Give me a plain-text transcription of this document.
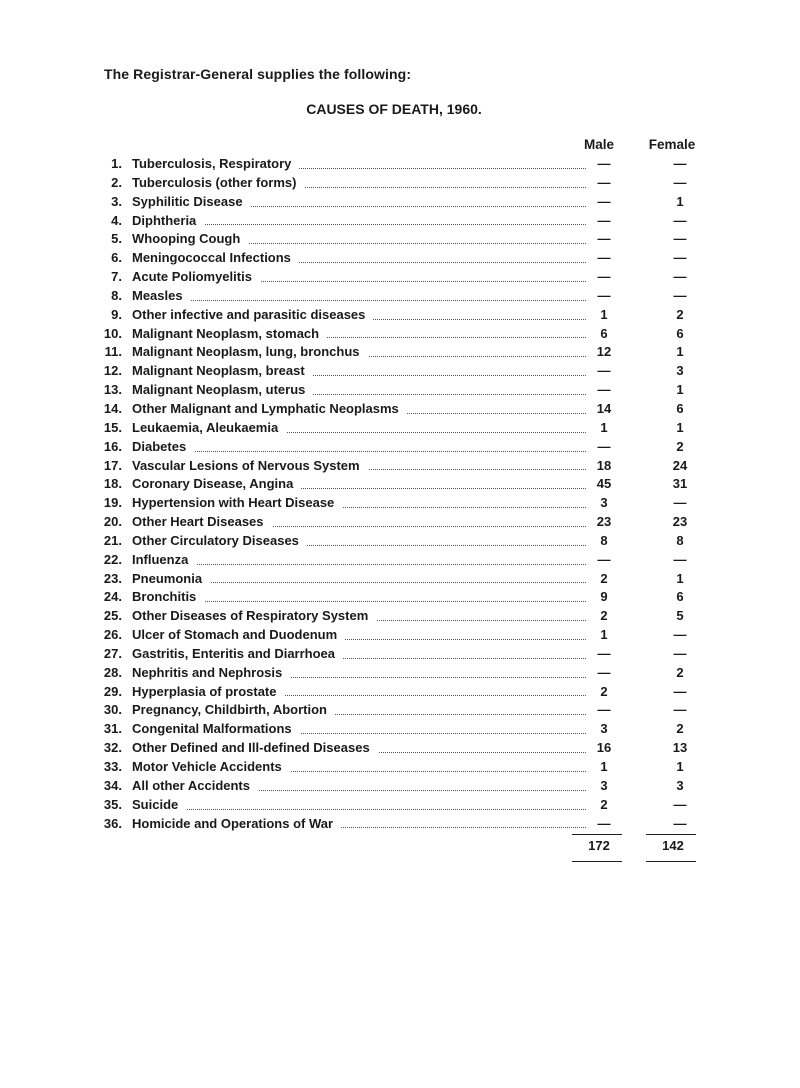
The Registrar-General supplies the following:
CAUSES OF DEATH, 1960.
Male	Female
1. Tuberculosis, Respiratory	—	—
2. Tuberculosis (other forms)	—	—
3. Syphilitic Disease	—	1
4. Diphtheria	—	—
5. Whooping Cough	—	—
6. Meningococcal Infections	—	—
7. Acute Poliomyelitis	—	—
8. Measles	—	—
9. Other infective and parasitic diseases	1	2
10. Malignant Neoplasm, stomach	6	6
11. Malignant Neoplasm, lung, bronchus	12	1
12. Malignant Neoplasm, breast	—	3
13. Malignant Neoplasm, uterus	—	1
14. Other Malignant and Lymphatic Neoplasms	14	6
15. Leukaemia, Aleukaemia	1	1
16. Diabetes	—	2
17. Vascular Lesions of Nervous System	18	24
18. Coronary Disease, Angina	45	31
19. Hypertension with Heart Disease	3	—
20. Other Heart Diseases	23	23
21. Other Circulatory Diseases	8	8
22. Influenza	—	—
23. Pneumonia	2	1
24. Bronchitis	9	6
25. Other Diseases of Respiratory System	2	5
26. Ulcer of Stomach and Duodenum	1	—
27. Gastritis, Enteritis and Diarrhoea	—	—
28. Nephritis and Nephrosis	—	2
29. Hyperplasia of prostate	2	—
30. Pregnancy, Childbirth, Abortion	—	—
31. Congenital Malformations	3	2
32. Other Defined and Ill-defined Diseases	16	13
33. Motor Vehicle Accidents	1	1
34. All other Accidents	3	3
35. Suicide	2	—
36. Homicide and Operations of War	—	—
172	142
